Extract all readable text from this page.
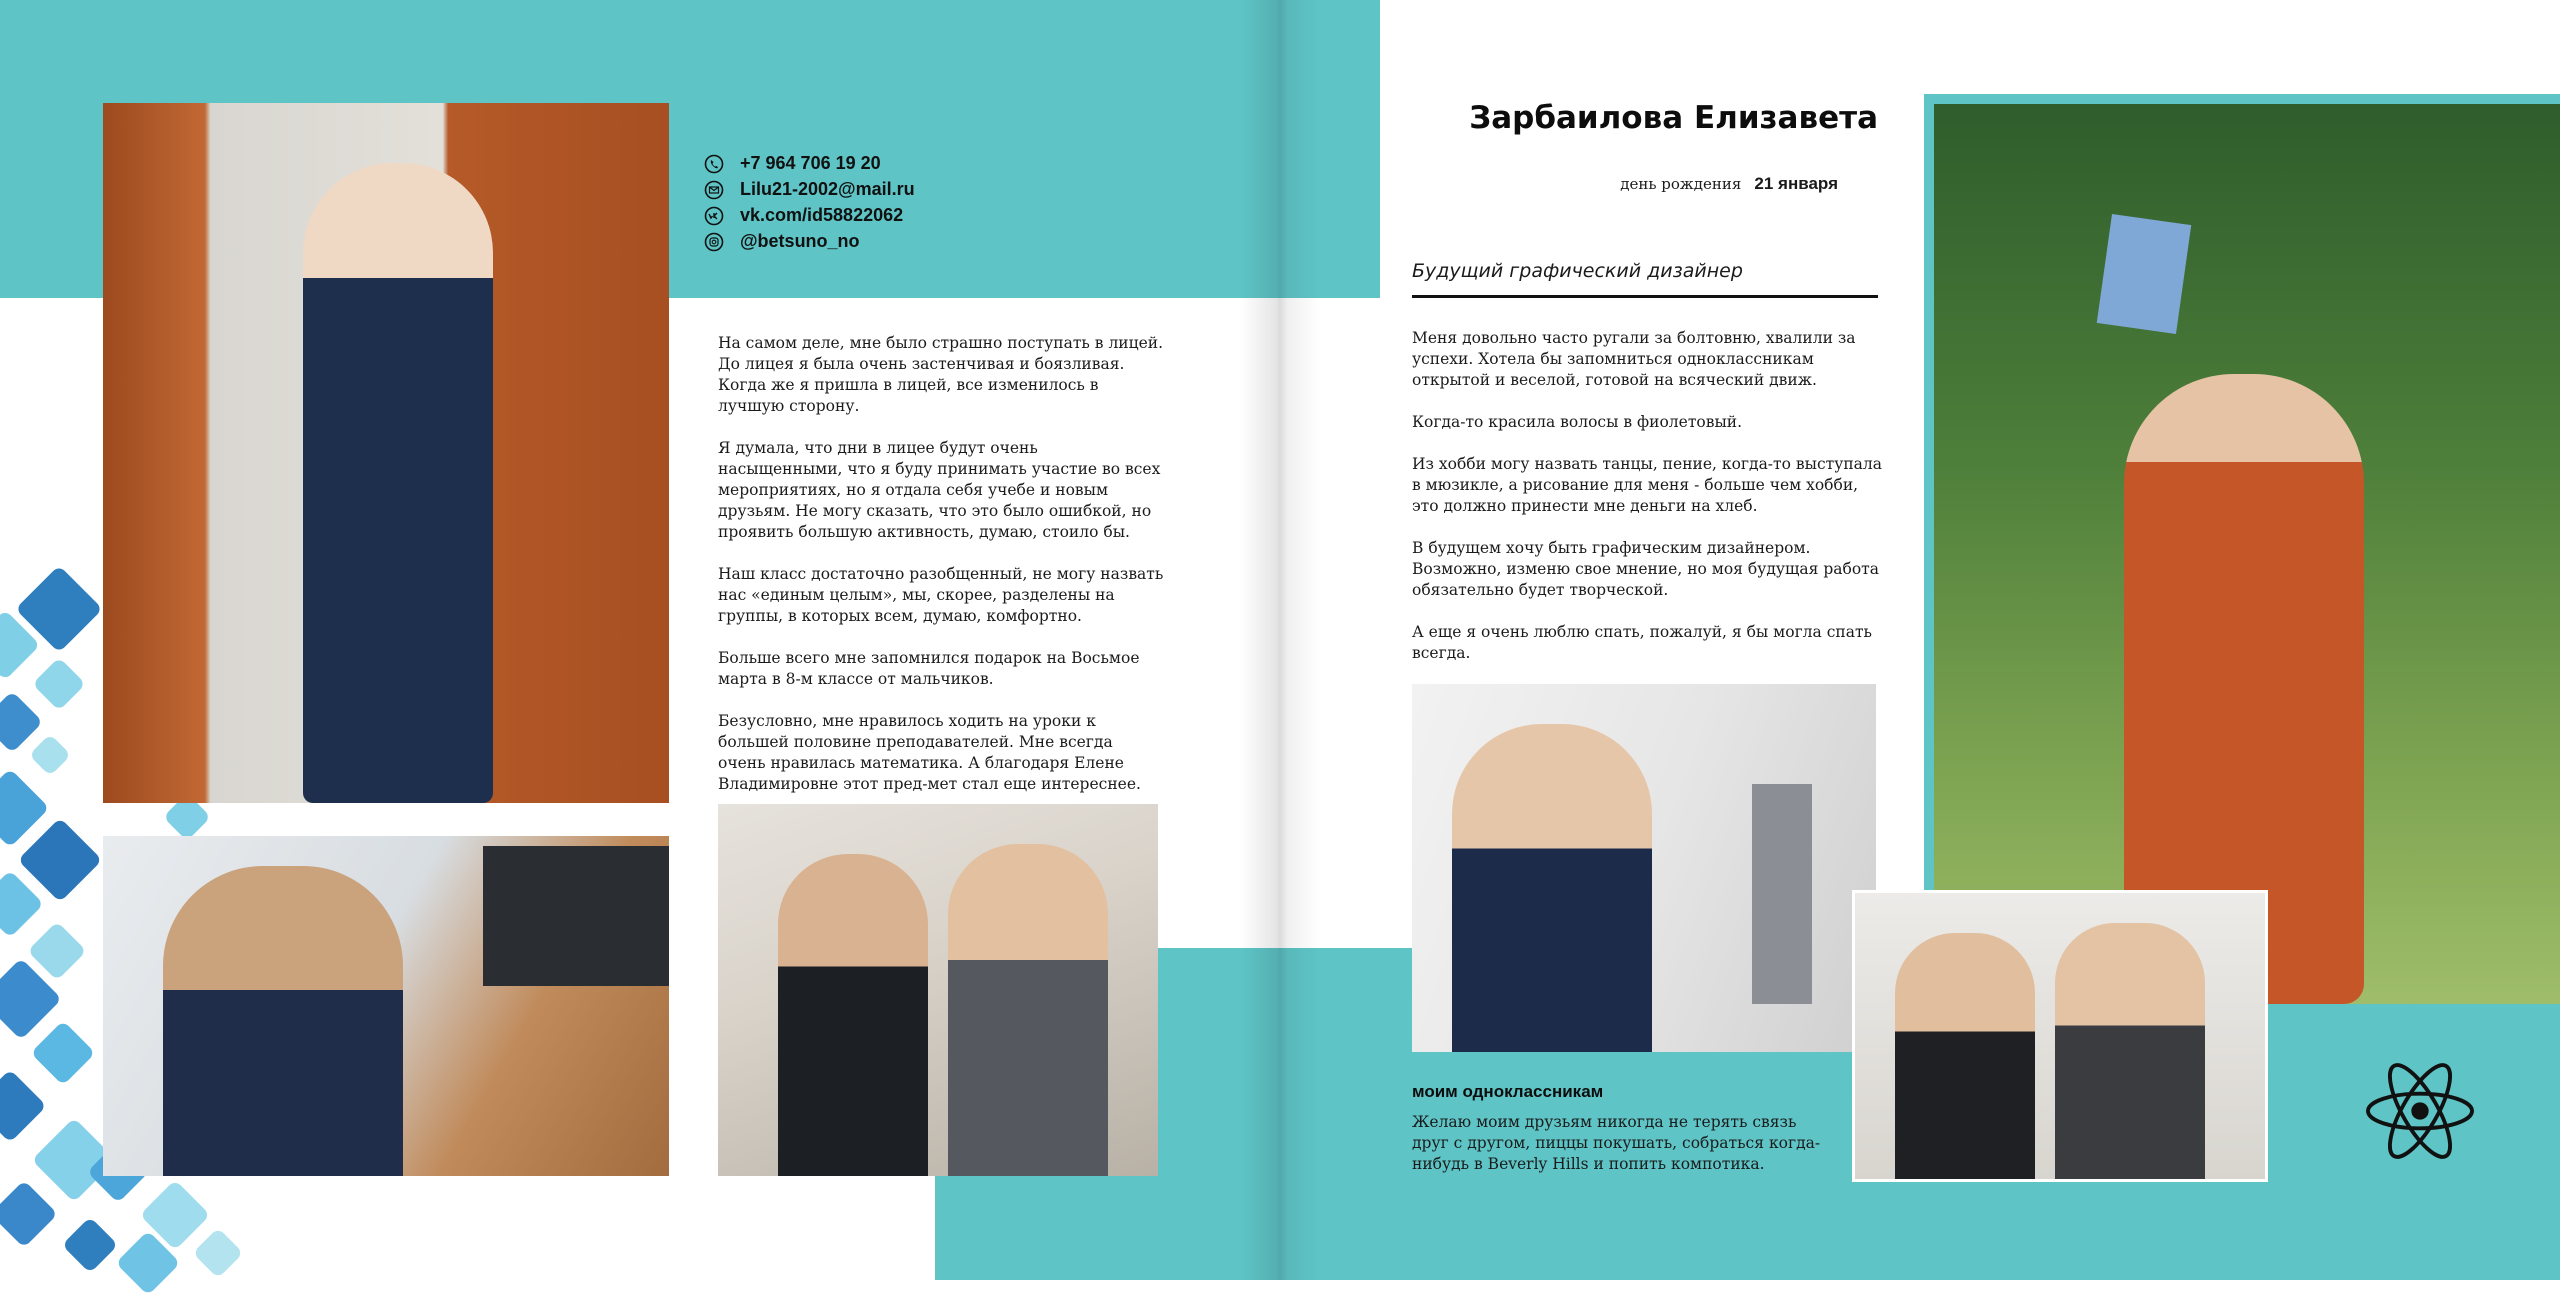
+7 964 706 19 20
Lilu21-2002@mail.ru
vk.com/id58822062
@betsuno_no

На самом деле, мне было страшно поступать в лицей. До лицея я была очень застенчивая и боязливая. Когда же я пришла в лицей, все изменилось в лучшую сторону.

Я думала, что дни в лицее будут очень насыщенными, что я буду принимать участие во всех мероприятиях, но я отдала себя учебе и новым друзьям. Не могу сказать, что это было ошибкой, но проявить большую активность, думаю, стоило бы.

Наш класс достаточно разобщенный, не могу назвать нас «единым целым», мы, скорее, разделены на группы, в которых всем, думаю, комфортно.

Больше всего мне запомнился подарок на Восьмое марта в 8-м классе от мальчиков.

Безусловно, мне нравилось ходить на уроки к большей половине преподавателей. Мне всегда очень нравилась математика. А благодаря Елене Владимировне этот пред-мет стал еще интереснее.

Зарбаилова Елизавета
день рождения 21 января
Будущий графический дизайнер

Меня довольно часто ругали за болтовню, хвалили за успехи. Хотела бы запомниться одноклассникам открытой и веселой, готовой на всяческий движ.

Когда-то красила волосы в фиолетовый.

Из хобби могу назвать танцы, пение, когда-то выступала в мюзикле, а рисование для меня - больше чем хобби, это должно принести мне деньги на хлеб.

В будущем хочу быть графическим дизайнером. Возможно, изменю свое мнение, но моя будущая работа обязательно будет творческой.

А еще я очень люблю спать, пожалуй, я бы могла спать всегда.

моим одноклассникам
Желаю моим друзьям никогда не терять связь друг с другом, пиццы покушать, собраться когда-нибудь в Beverly Hills и попить компотика.
